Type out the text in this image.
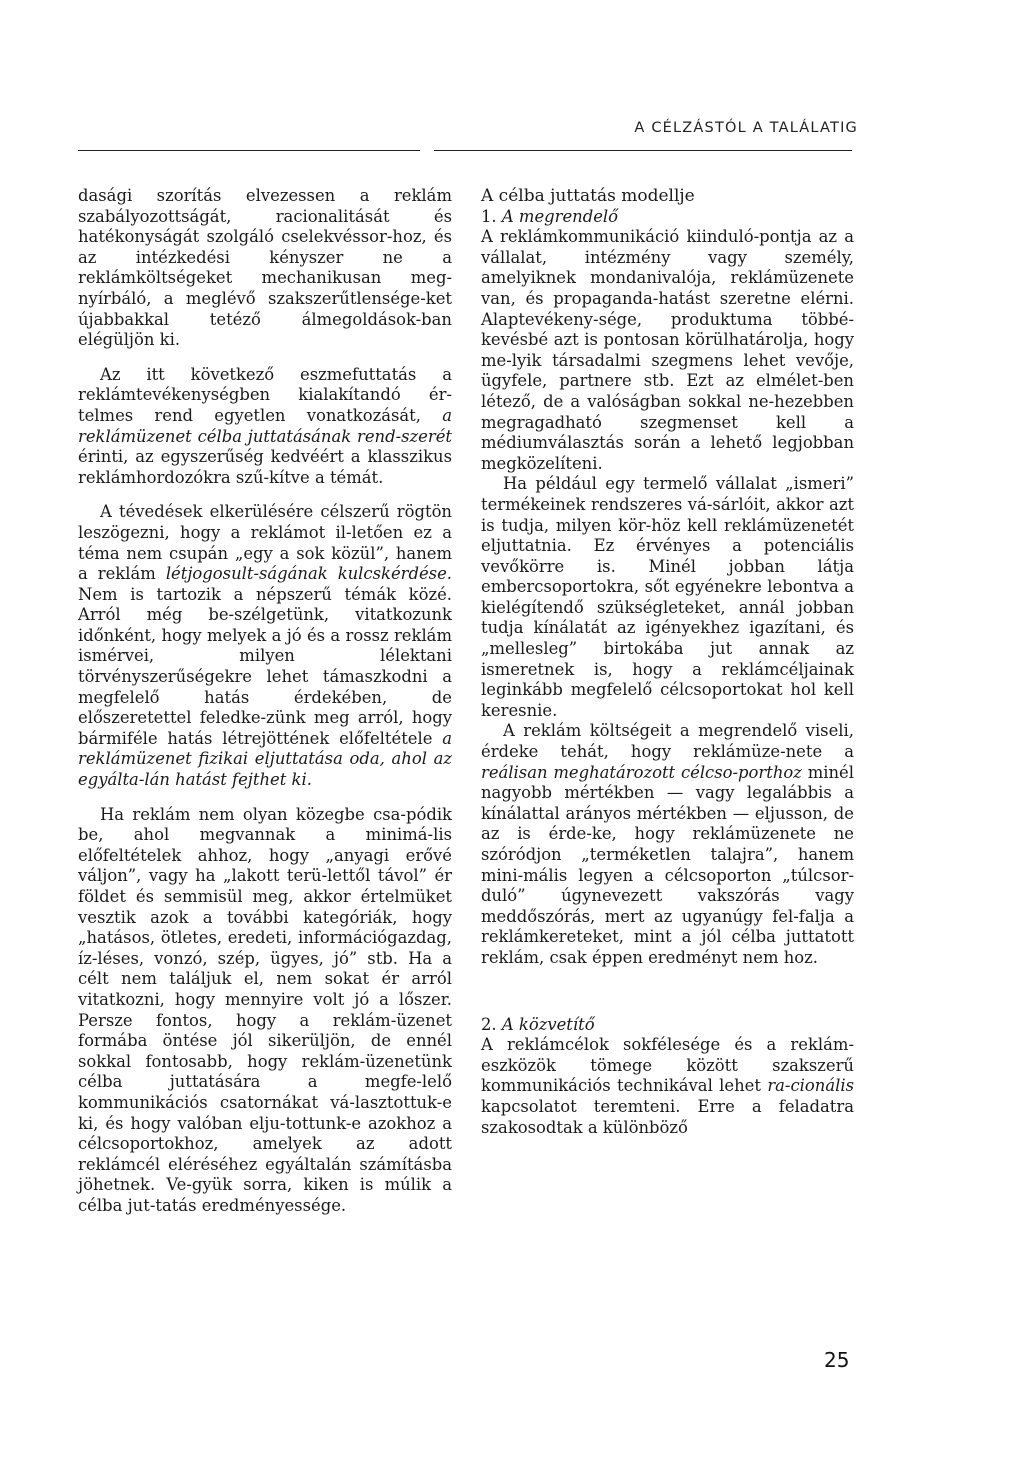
A CÉLZÁSTÓL A TALÁLATIG

dasági szorítás elvezessen a reklám szabályozottságát, racionalitását és hatékonyságát szolgáló cselekvéssor-hoz, és az intézkedési kényszer ne a reklámköltségeket mechanikusan meg-nyírbáló, a meglévő szakszerűtlensége-ket újabbakkal tetéző álmegoldások-ban elégüljön ki.

Az itt következő eszmefuttatás a reklámtevékenységben kialakítandó ér-telmes rend egyetlen vonatkozását, a reklámüzenet célba juttatásának rend-szerét érinti, az egyszerűség kedvéért a klasszikus reklámhordozókra szű-kítve a témát.

A tévedések elkerülésére célszerű rögtön leszögezni, hogy a reklámot il-letően ez a téma nem csupán „egy a sok közül”, hanem a reklám létjogosult-ságának kulcskérdése. Nem is tartozik a népszerű témák közé. Arról még be-szélgetünk, vitatkozunk időnként, hogy melyek a jó és a rossz reklám ismérvei, milyen lélektani törvényszerűségekre lehet támaszkodni a megfelelő hatás érdekében, de előszeretettel feledke-zünk meg arról, hogy bármiféle hatás létrejöttének előfeltétele a reklámüzenet fizikai eljuttatása oda, ahol az egyálta-lán hatást fejthet ki.

Ha reklám nem olyan közegbe csa-pódik be, ahol megvannak a minimá-lis előfeltételek ahhoz, hogy „anyagi erővé váljon”, vagy ha „lakott terü-lettől távol” ér földet és semmisül meg, akkor értelmüket vesztik azok a további kategóriák, hogy „hatásos, ötletes, eredeti, információgazdag, íz-léses, vonzó, szép, ügyes, jó” stb. Ha a célt nem találjuk el, nem sokat ér arról vitatkozni, hogy mennyire volt jó a lőszer. Persze fontos, hogy a reklám-üzenet formába öntése jól sikerüljön, de ennél sokkal fontosabb, hogy reklám-üzenetünk célba juttatására a megfe-lelő kommunikációs csatornákat vá-lasztottuk-e ki, és hogy valóban elju-tottunk-e azokhoz a célcsoportokhoz, amelyek az adott reklámcél eléréséhez egyáltalán számításba jöhetnek. Ve-gyük sorra, kiken is múlik a célba jut-tatás eredményessége.

A célba juttatás modellje

1. A megrendelő

A reklámkommunikáció kiinduló-pontja az a vállalat, intézmény vagy személy, amelyiknek mondanivalója, reklámüzenete van, és propaganda-hatást szeretne elérni. Alaptevékeny-sége, produktuma többé-kevésbé azt is pontosan körülhatárolja, hogy me-lyik társadalmi szegmens lehet vevője, ügyfele, partnere stb. Ezt az elmélet-ben létező, de a valóságban sokkal ne-hezebben megragadható szegmenset kell a médiumválasztás során a lehető legjobban megközelíteni.

Ha például egy termelő vállalat „ismeri” termékeinek rendszeres vá-sárlóit, akkor azt is tudja, milyen kör-höz kell reklámüzenetét eljuttatnia. Ez érvényes a potenciális vevőkörre is. Minél jobban látja embercsoportokra, sőt egyénekre lebontva a kielégítendő szükségleteket, annál jobban tudja kínálatát az igényekhez igazítani, és „mellesleg” birtokába jut annak az ismeretnek is, hogy a reklámcéljainak leginkább megfelelő célcsoportokat hol kell keresnie.

A reklám költségeit a megrendelő viseli, érdeke tehát, hogy reklámüze-nete a reálisan meghatározott célcso-porthoz minél nagyobb mértékben — vagy legalábbis a kínálattal arányos mértékben — eljusson, de az is érde-ke, hogy reklámüzenete ne szóródjon „terméketlen talajra”, hanem mini-mális legyen a célcsoporton „túlcsor-duló” úgynevezett vakszórás vagy meddőszórás, mert az ugyanúgy fel-falja a reklámkereteket, mint a jól célba juttatott reklám, csak éppen eredményt nem hoz.

2. A közvetítő

A reklámcélok sokfélesége és a reklám-eszközök tömege között szakszerű kommunikációs technikával lehet ra-cionális kapcsolatot teremteni. Erre a feladatra szakosodtak a különböző

25
